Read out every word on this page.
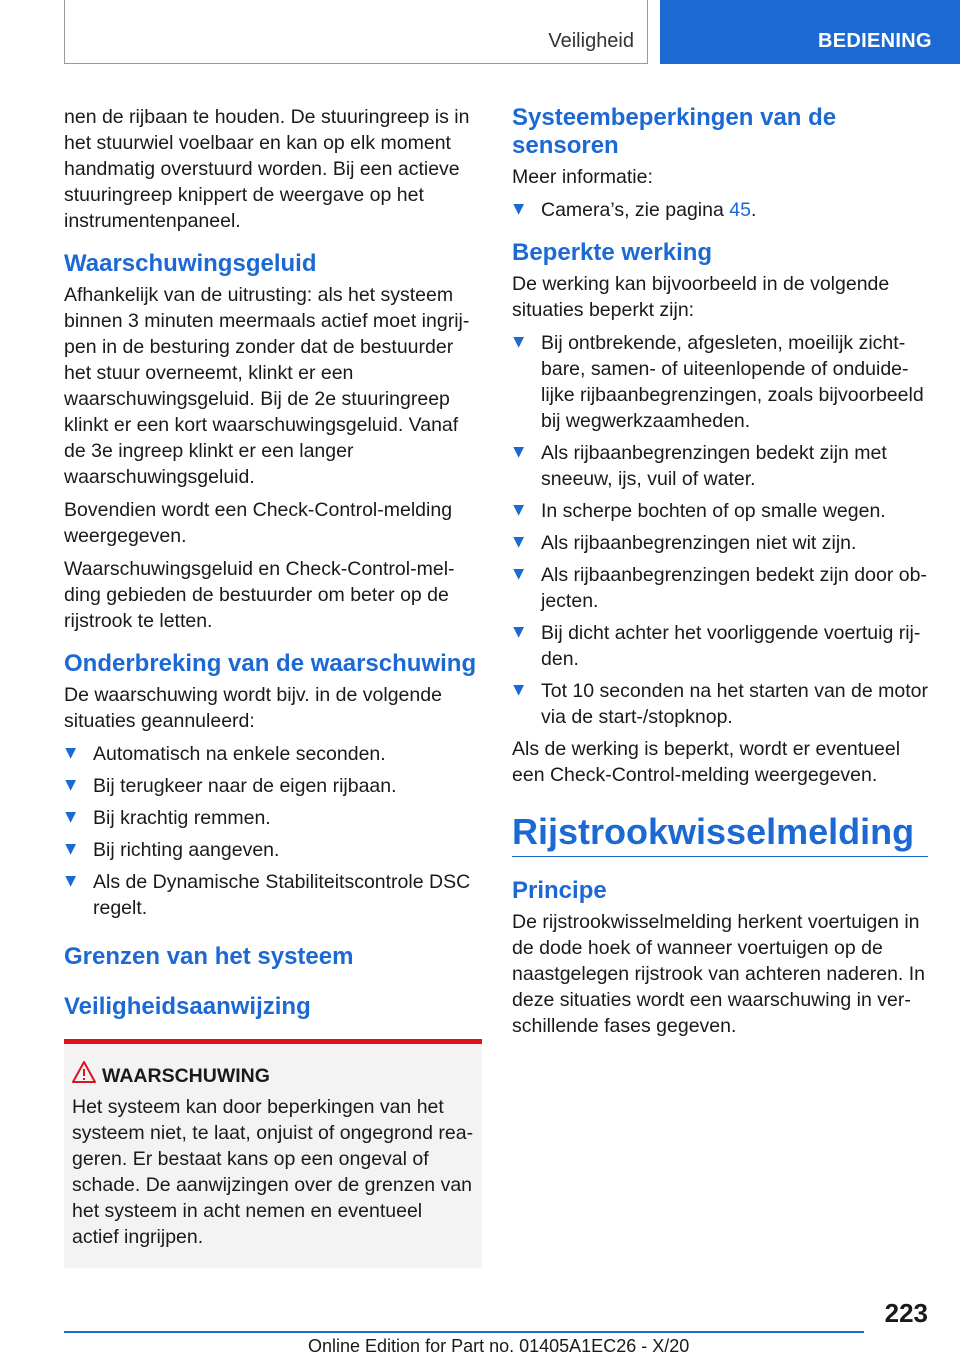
Veiligheid	BEDIENING

nen de rijbaan te houden. De stuuringreep is in het stuurwiel voelbaar en kan op elk moment handmatig overstuurd worden. Bij een actieve stuuringreep knippert de weergave op het instrumentenpaneel.

Waarschuwingsgeluid

Afhankelijk van de uitrusting: als het systeem binnen 3 minuten meermaals actief moet ingrijpen in de besturing zonder dat de bestuurder het stuur overneemt, klinkt er een waarschuwingsgeluid. Bij de 2e stuuringreep klinkt er een kort waarschuwingsgeluid. Vanaf de 3e ingreep klinkt er een langer waarschuwingsgeluid.

Bovendien wordt een Check-Control-melding weergegeven.

Waarschuwingsgeluid en Check-Control-melding gebieden de bestuurder om beter op de rijstrook te letten.

Onderbreking van de waarschuwing

De waarschuwing wordt bijv. in de volgende situaties geannuleerd:

▶ Automatisch na enkele seconden.
▶ Bij terugkeer naar de eigen rijbaan.
▶ Bij krachtig remmen.
▶ Bij richting aangeven.
▶ Als de Dynamische Stabiliteitscontrole DSC regelt.
Grenzen van het systeem
Veiligheidsaanwijzing
WAARSCHUWING

Het systeem kan door beperkingen van het systeem niet, te laat, onjuist of ongegrond reageren. Er bestaat kans op een ongeval of schade. De aanwijzingen over de grenzen van het systeem in acht nemen en eventueel actief ingrijpen.

Systeembeperkingen van de sensoren

Meer informatie:

▶ Camera’s, zie pagina 45.
Beperkte werking

De werking kan bijvoorbeeld in de volgende situaties beperkt zijn:

▶ Bij ontbrekende, afgesleten, moeilijk zichtbare, samen- of uiteenlopende of onduidelijke rijbaanbegrenzingen, zoals bijvoorbeeld bij wegwerkzaamheden.
▶ Als rijbaanbegrenzingen bedekt zijn met sneeuw, ijs, vuil of water.
▶ In scherpe bochten of op smalle wegen.
▶ Als rijbaanbegrenzingen niet wit zijn.
▶ Als rijbaanbegrenzingen bedekt zijn door objecten.
▶ Bij dicht achter het voorliggende voertuig rijden.
▶ Tot 10 seconden na het starten van de motor via de start-/stopknop.

Als de werking is beperkt, wordt er eventueel een Check-Control-melding weergegeven.

Rijstrookwisselmelding
Principe

De rijstrookwisselmelding herkent voertuigen in de dode hoek of wanneer voertuigen op de naastgelegen rijstrook van achteren naderen. In deze situaties wordt een waarschuwing in verschillende fases gegeven.

223
Online Edition for Part no. 01405A1EC26 - X/20
